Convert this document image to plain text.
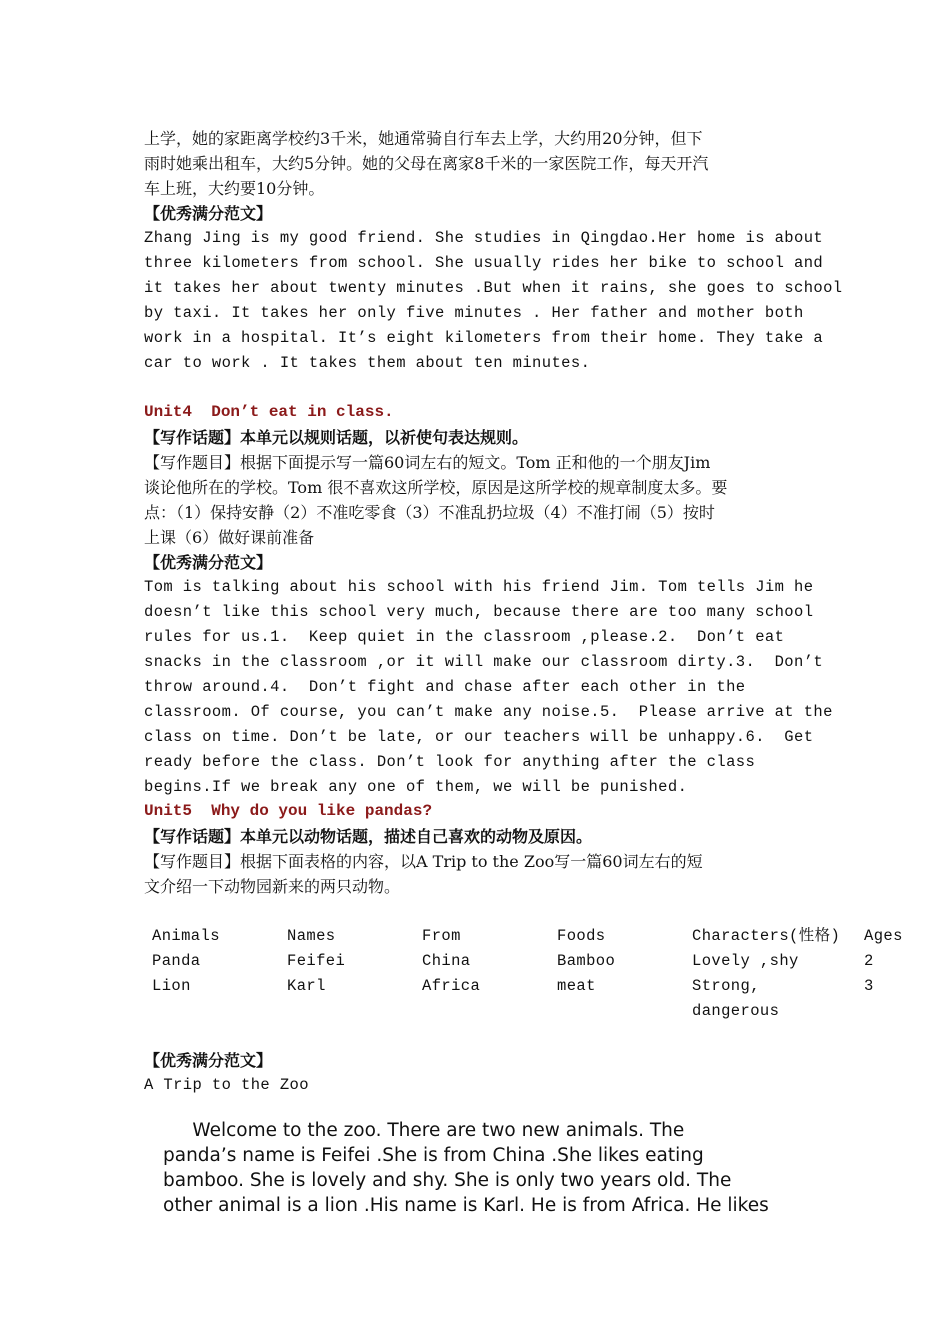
上学，她的家距离学校约3千米，她通常骑自行车去上学，大约用20分钟，但下
雨时她乘出租车，大约5分钟。她的父母在离家8千米的一家医院工作，每天开汽
车上班，大约要10分钟。
【优秀满分范文】
Zhang Jing is my good friend. She studies in Qingdao.Her home is about
three kilometers from school. She usually rides her bike to school and
it takes her about twenty minutes .But when it rains, she goes to school
by taxi. It takes her only five minutes . Her father and mother both
work in a hospital. It’s eight kilometers from their home. They take a
car to work . It takes them about ten minutes.
Unit4  Don’t eat in class.
【写作话题】本单元以规则话题，以祈使句表达规则。
【写作题目】根据下面提示写一篇60词左右的短文。Tom 正和他的一个朋友Jim
谈论他所在的学校。Tom 很不喜欢这所学校，原因是这所学校的规章制度太多。要
点：（1）保持安静（2）不准吃零食（3）不准乱扔垃圾（4）不准打闹（5）按时
上课（6）做好课前准备
【优秀满分范文】
Tom is talking about his school with his friend Jim. Tom tells Jim he
doesn’t like this school very much, because there are too many school
rules for us.1.  Keep quiet in the classroom ,please.2.  Don’t eat
snacks in the classroom ,or it will make our classroom dirty.3.  Don’t
throw around.4.  Don’t fight and chase after each other in the
classroom. Of course, you can’t make any noise.5.  Please arrive at the
class on time. Don’t be late, or our teachers will be unhappy.6.  Get
ready before the class. Don’t look for anything after the class
begins.If we break any one of them, we will be punished.
Unit5  Why do you like pandas?
【写作话题】本单元以动物话题，描述自己喜欢的动物及原因。
【写作题目】根据下面表格的内容，以A Trip to the Zoo写一篇60词左右的短
文介绍一下动物园新来的两只动物。
Animals	Names	From	Foods	Characters(性格) Ages
Panda	Feifei	China	Bamboo	Lovely ,shy	2
Lion	Karl	Africa	meat	Strong,	3
dangerous
【优秀满分范文】
A Trip to the Zoo
Welcome to the zoo. There are two new animals. The
panda’s name is Feifei .She is from China .She likes eating
bamboo. She is lovely and shy. She is only two years old. The
other animal is a lion .His name is Karl. He is from Africa. He likes
